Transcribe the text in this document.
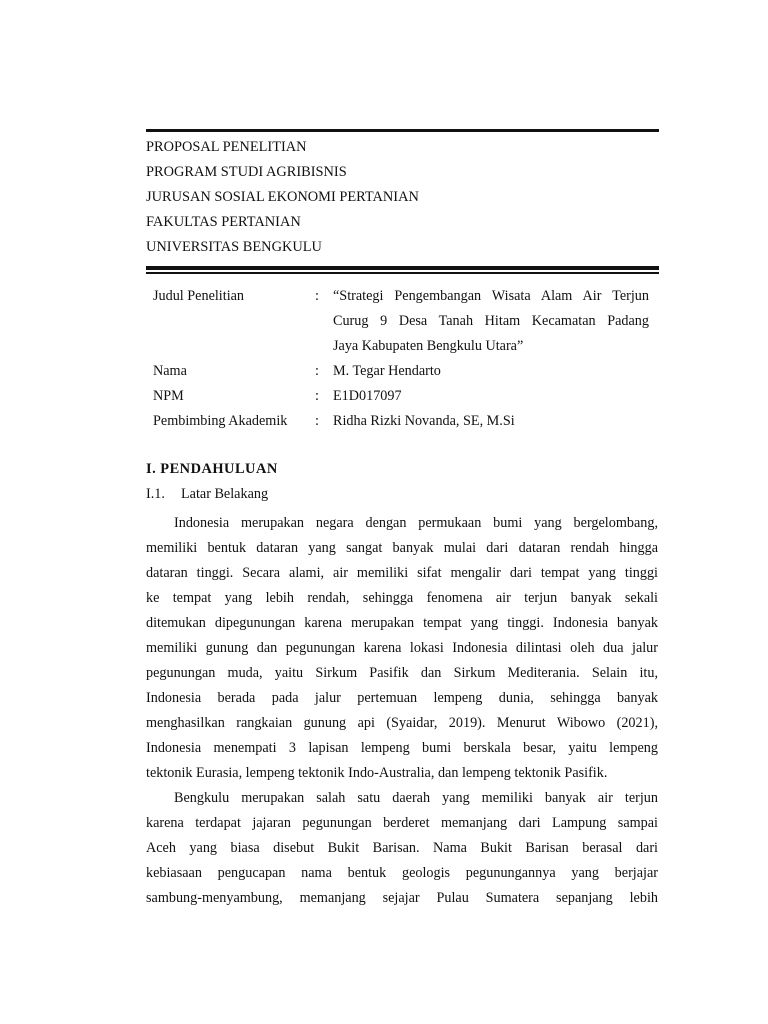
PROPOSAL PENELITIAN
PROGRAM STUDI AGRIBISNIS
JURUSAN SOSIAL EKONOMI PERTANIAN
FAKULTAS PERTANIAN
UNIVERSITAS BENGKULU
Judul Penelitian	: “Strategi Pengembangan Wisata Alam Air Terjun
Curug 9 Desa Tanah Hitam Kecamatan Padang
Jaya Kabupaten Bengkulu Utara”
Nama	: M. Tegar Hendarto
NPM	: E1D017097
Pembimbing Akademik	: Ridha Rizki Novanda, SE, M.Si
I. PENDAHULUAN
I.1. Latar Belakang
Indonesia merupakan negara dengan permukaan bumi yang bergelombang,
memiliki bentuk dataran yang sangat banyak mulai dari dataran rendah hingga
dataran tinggi. Secara alami, air memiliki sifat mengalir dari tempat yang tinggi
ke tempat yang lebih rendah, sehingga fenomena air terjun banyak sekali
ditemukan dipegunungan karena merupakan tempat yang tinggi. Indonesia banyak
memiliki gunung dan pegunungan karena lokasi Indonesia dilintasi oleh dua jalur
pegunungan muda, yaitu Sirkum Pasifik dan Sirkum Mediterania. Selain itu,
Indonesia berada pada jalur pertemuan lempeng dunia, sehingga banyak
menghasilkan rangkaian gunung api (Syaidar, 2019). Menurut Wibowo (2021),
Indonesia menempati 3 lapisan lempeng bumi berskala besar, yaitu lempeng
tektonik Eurasia, lempeng tektonik Indo-Australia, dan lempeng tektonik Pasifik.
Bengkulu merupakan salah satu daerah yang memiliki banyak air terjun
karena terdapat jajaran pegunungan berderet memanjang dari Lampung sampai
Aceh yang biasa disebut Bukit Barisan. Nama Bukit Barisan berasal dari
kebiasaan pengucapan nama bentuk geologis pegunungannya yang berjajar
sambung-menyambung, memanjang sejajar Pulau Sumatera sepanjang lebih
